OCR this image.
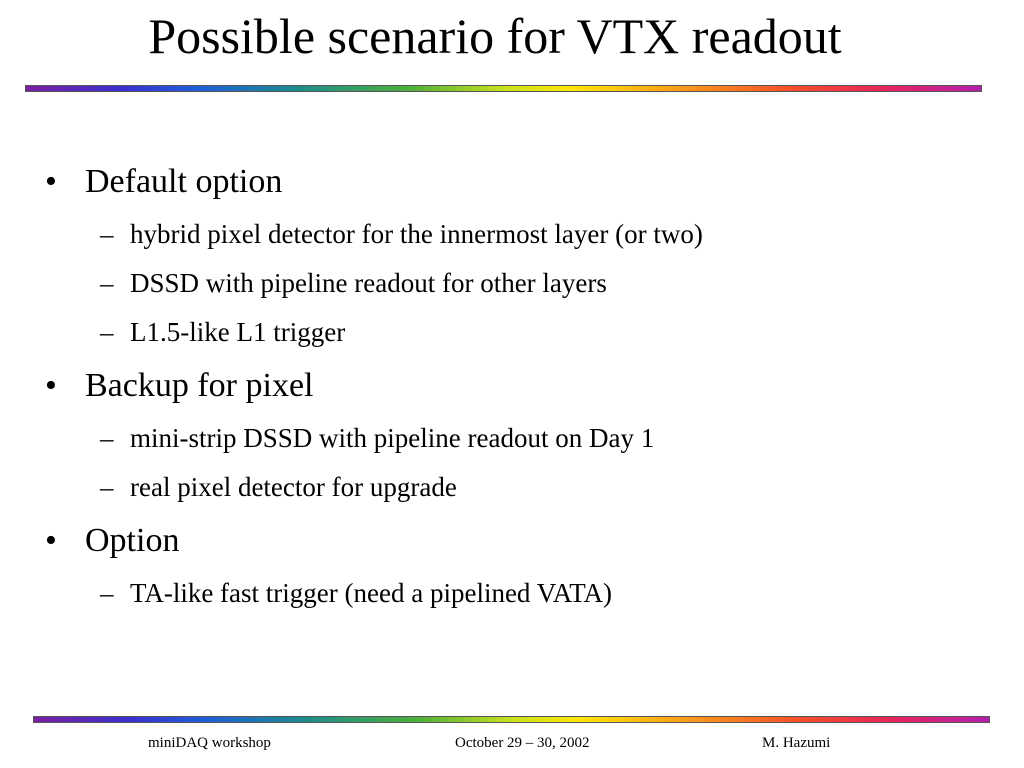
Possible scenario for VTX readout
• Default option
– hybrid pixel detector for the innermost layer (or two)
– DSSD with pipeline readout for other layers
– L1.5-like L1 trigger
• Backup for pixel
– mini-strip DSSD with pipeline readout on Day 1
– real pixel detector for upgrade
• Option
– TA-like fast trigger (need a pipelined VATA)
miniDAQ workshop	October 29 – 30, 2002	M. Hazumi
